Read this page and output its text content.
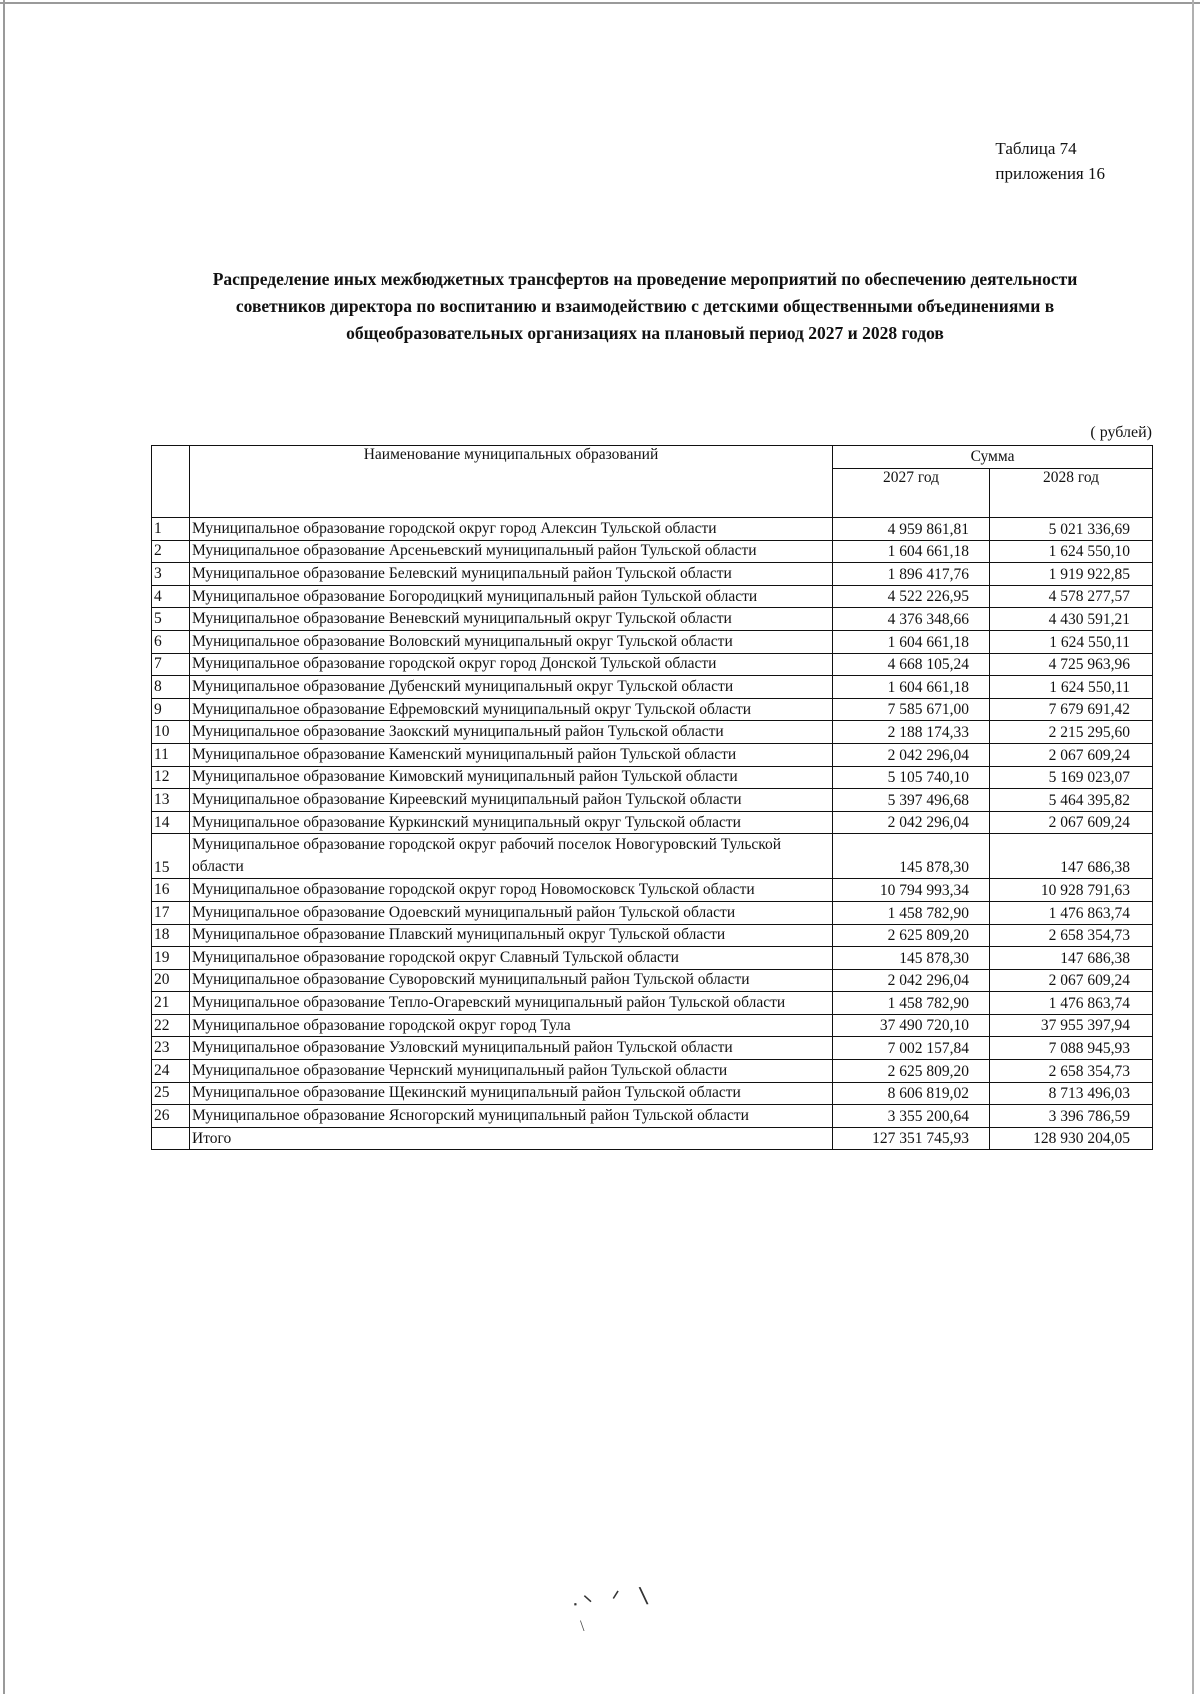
Таблица 74
приложения 16
Распределение иных межбюджетных трансфертов на проведение мероприятий по обеспечению деятельности
советников директора по воспитанию и взаимодействию с детскими общественными объединениями в
общеобразовательных организациях на плановый период 2027 и 2028 годов
( рублей)
	Наименование муниципальных образований	Сумма	
		2027 год	2028 год
1	Муниципальное образование городской округ город Алексин Тульской области	4 959 861,81	5 021 336,69
2	Муниципальное образование Арсеньевский муниципальный район Тульской области	1 604 661,18	1 624 550,10
3	Муниципальное образование Белевский муниципальный район Тульской области	1 896 417,76	1 919 922,85
4	Муниципальное образование Богородицкий муниципальный район Тульской области	4 522 226,95	4 578 277,57
5	Муниципальное образование Веневский муниципальный округ Тульской области	4 376 348,66	4 430 591,21
6	Муниципальное образование Воловский муниципальный округ Тульской области	1 604 661,18	1 624 550,11
7	Муниципальное образование городской округ город Донской Тульской области	4 668 105,24	4 725 963,96
8	Муниципальное образование Дубенский муниципальный округ Тульской области	1 604 661,18	1 624 550,11
9	Муниципальное образование Ефремовский муниципальный округ Тульской области	7 585 671,00	7 679 691,42
10	Муниципальное образование Заокский муниципальный район Тульской области	2 188 174,33	2 215 295,60
11	Муниципальное образование Каменский муниципальный район Тульской области	2 042 296,04	2 067 609,24
12	Муниципальное образование Кимовский муниципальный район Тульской области	5 105 740,10	5 169 023,07
13	Муниципальное образование Киреевский муниципальный район Тульской области	5 397 496,68	5 464 395,82
14	Муниципальное образование Куркинский муниципальный округ Тульской области	2 042 296,04	2 067 609,24
15	Муниципальное образование городской округ рабочий поселок Новогуровский Тульской области	145 878,30	147 686,38
16	Муниципальное образование городской округ город Новомосковск Тульской области	10 794 993,34	10 928 791,63
17	Муниципальное образование Одоевский муниципальный район Тульской области	1 458 782,90	1 476 863,74
18	Муниципальное образование Плавский муниципальный округ Тульской области	2 625 809,20	2 658 354,73
19	Муниципальное образование городской округ Славный Тульской области	145 878,30	147 686,38
20	Муниципальное образование Суворовский муниципальный район Тульской области	2 042 296,04	2 067 609,24
21	Муниципальное образование Тепло-Огаревский муниципальный район Тульской области	1 458 782,90	1 476 863,74
22	Муниципальное образование городской округ город Тула	37 490 720,10	37 955 397,94
23	Муниципальное образование Узловский муниципальный район Тульской области	7 002 157,84	7 088 945,93
24	Муниципальное образование Чернский муниципальный район Тульской области	2 625 809,20	2 658 354,73
25	Муниципальное образование Щекинский муниципальный район Тульской области	8 606 819,02	8 713 496,03
26	Муниципальное образование Ясногорский муниципальный район Тульской области	3 355 200,64	3 396 786,59
	Итого	127 351 745,93	128 930 204,05
ᐧᐠ ᐟ \
\
